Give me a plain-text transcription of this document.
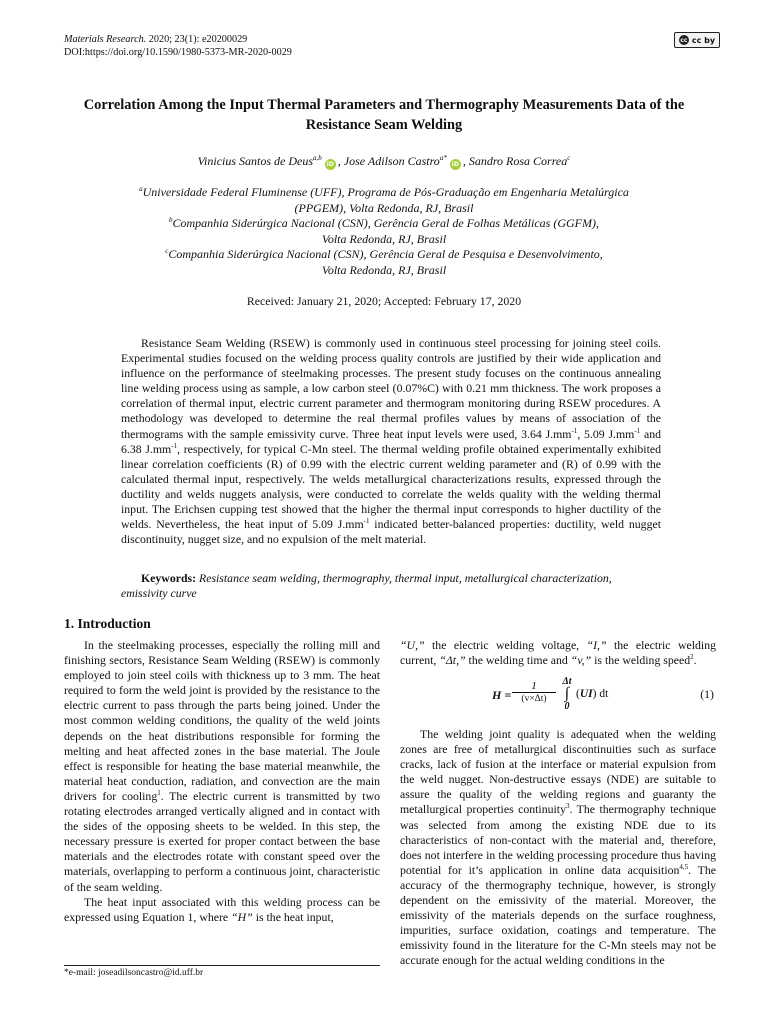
Materials Research. 2020; 23(1): e20200029
DOI:https://doi.org/10.1590/1980-5373-MR-2020-0029
cc cc by
Correlation Among the Input Thermal Parameters and Thermography Measurements Data of the Resistance Seam Welding
Vinicius Santos de Deus$^{a,b}$iD , Jose Adilson Castro$^{a*}$iD , Sandro Rosa Correa$^c$
$^a$Universidade Federal Fluminense (UFF), Programa de Pós-Graduação em Engenharia Metalúrgica
(PPGEM), Volta Redonda, RJ, Brasil
$^b$Companhia Siderúrgica Nacional (CSN), Gerência Geral de Folhas Metálicas (GGFM),
Volta Redonda, RJ, Brasil
$^c$Companhia Siderúrgica Nacional (CSN), Gerência Geral de Pesquisa e Desenvolvimento,
Volta Redonda, RJ, Brasil
Received: January 21, 2020; Accepted: February 17, 2020

Resistance Seam Welding (RSEW) is commonly used in continuous steel processing for joining steel coils. Experimental studies focused on the welding process quality controls are justified by their wide application and influence on the performance of steelmaking processes. The present study focuses on the continuous annealing line welding process using as sample, a low carbon steel (0.07%C) with 0.21 mm thickness. The work proposes a correlation of thermal input, electric current parameter and thermogram monitoring during RSEW procedures. A methodology was developed to determine the real thermal profiles values by means of association of the thermograms with the sample emissivity curve. Three heat input levels were used, 3.64 $J.mm^{-1}$, 5.09 $J.mm^{-1}$ and 6.38 $J.mm^{-1}$, respectively, for typical C-Mn steel. The thermal welding profile obtained experimentally exhibited linear correlation coefficients (R) of 0.99 with the electric current welding parameter and (R) of 0.99 with the calculated thermal input, respectively. The welds metallurgical characterizations results, expressed through the ductility and welds nuggets analysis, were conducted to correlate the welds quality with the welding thermal input. The Erichsen cupping test showed that the higher the thermal input corresponds to higher ductility of the welds. Nevertheless, the heat input of 5.09 $J.mm^{-1}$ indicated better-balanced properties: ductility, weld nugget discontinuity, nugget size, and no expulsion of the melt material.

Keywords: Resistance seam welding, thermography, thermal input, metallurgical characterization, emissivity curve
1. Introduction

In the steelmaking processes, especially the rolling mill and finishing sectors, Resistance Seam Welding (RSEW) is commonly employed to join steel coils with thickness up to 3 mm. The heat required to form the weld joint is provided by the resistance to the electric current to pass through the parts being joined. Under the most common welding conditions, the quality of the weld joints depends on the heat distributions responsible for forming the melting and heat affected zones in the base material. The Joule effect is responsible for heating the base material meanwhile, the material heat conduction, radiation, and convection are the main drivers for cooling$^1$. The electric current is transmitted by two rotating electrodes arranged vertically aligned and in contact with the sides of the opposing sheets to be welded. In this step, the necessary pressure is exerted for proper contact between the base materials and the electrodes rotate with constant speed over the materials, overlapping to perform a continuous joint, characteristic of the seam welding.

The heat input associated with this welding process can be expressed using Equation 1, where “H” is the heat input,

“U,” the electric welding voltage, “I,” the electric welding current, “Δt,” the welding time and “v,” is the welding speed$^2$.

$H = \frac{1}{(v\times\Delta t)}$ Δt
∫
0
(UI) dt	(1)

The welding joint quality is adequated when the welding zones are free of metallurgical discontinuities such as surface cracks, lack of fusion at the interface or material expulsion from the weld nugget. Non-destructive essays (NDE) are suitable to assure the quality of the welding regions and guaranty the metallurgical properties continuity$^3$. The thermography technique was selected from among the existing NDE due to its characteristics of non-contact with the material and, therefore, does not interfere in the welding processing procedure thus having potential for it’s application in online data acquisition$^{4,5}$. The accuracy of the thermography technique, however, is strongly dependent on the emissivity of the material. Moreover, the emissivity of the materials depends on the surface roughness, impurities, surface oxidation, coatings and temperature. The emissivity found in the literature for the C-Mn steels may not be accurate enough for the actual welding conditions in the

*e-mail: joseadilsoncastro@id.uff.br
